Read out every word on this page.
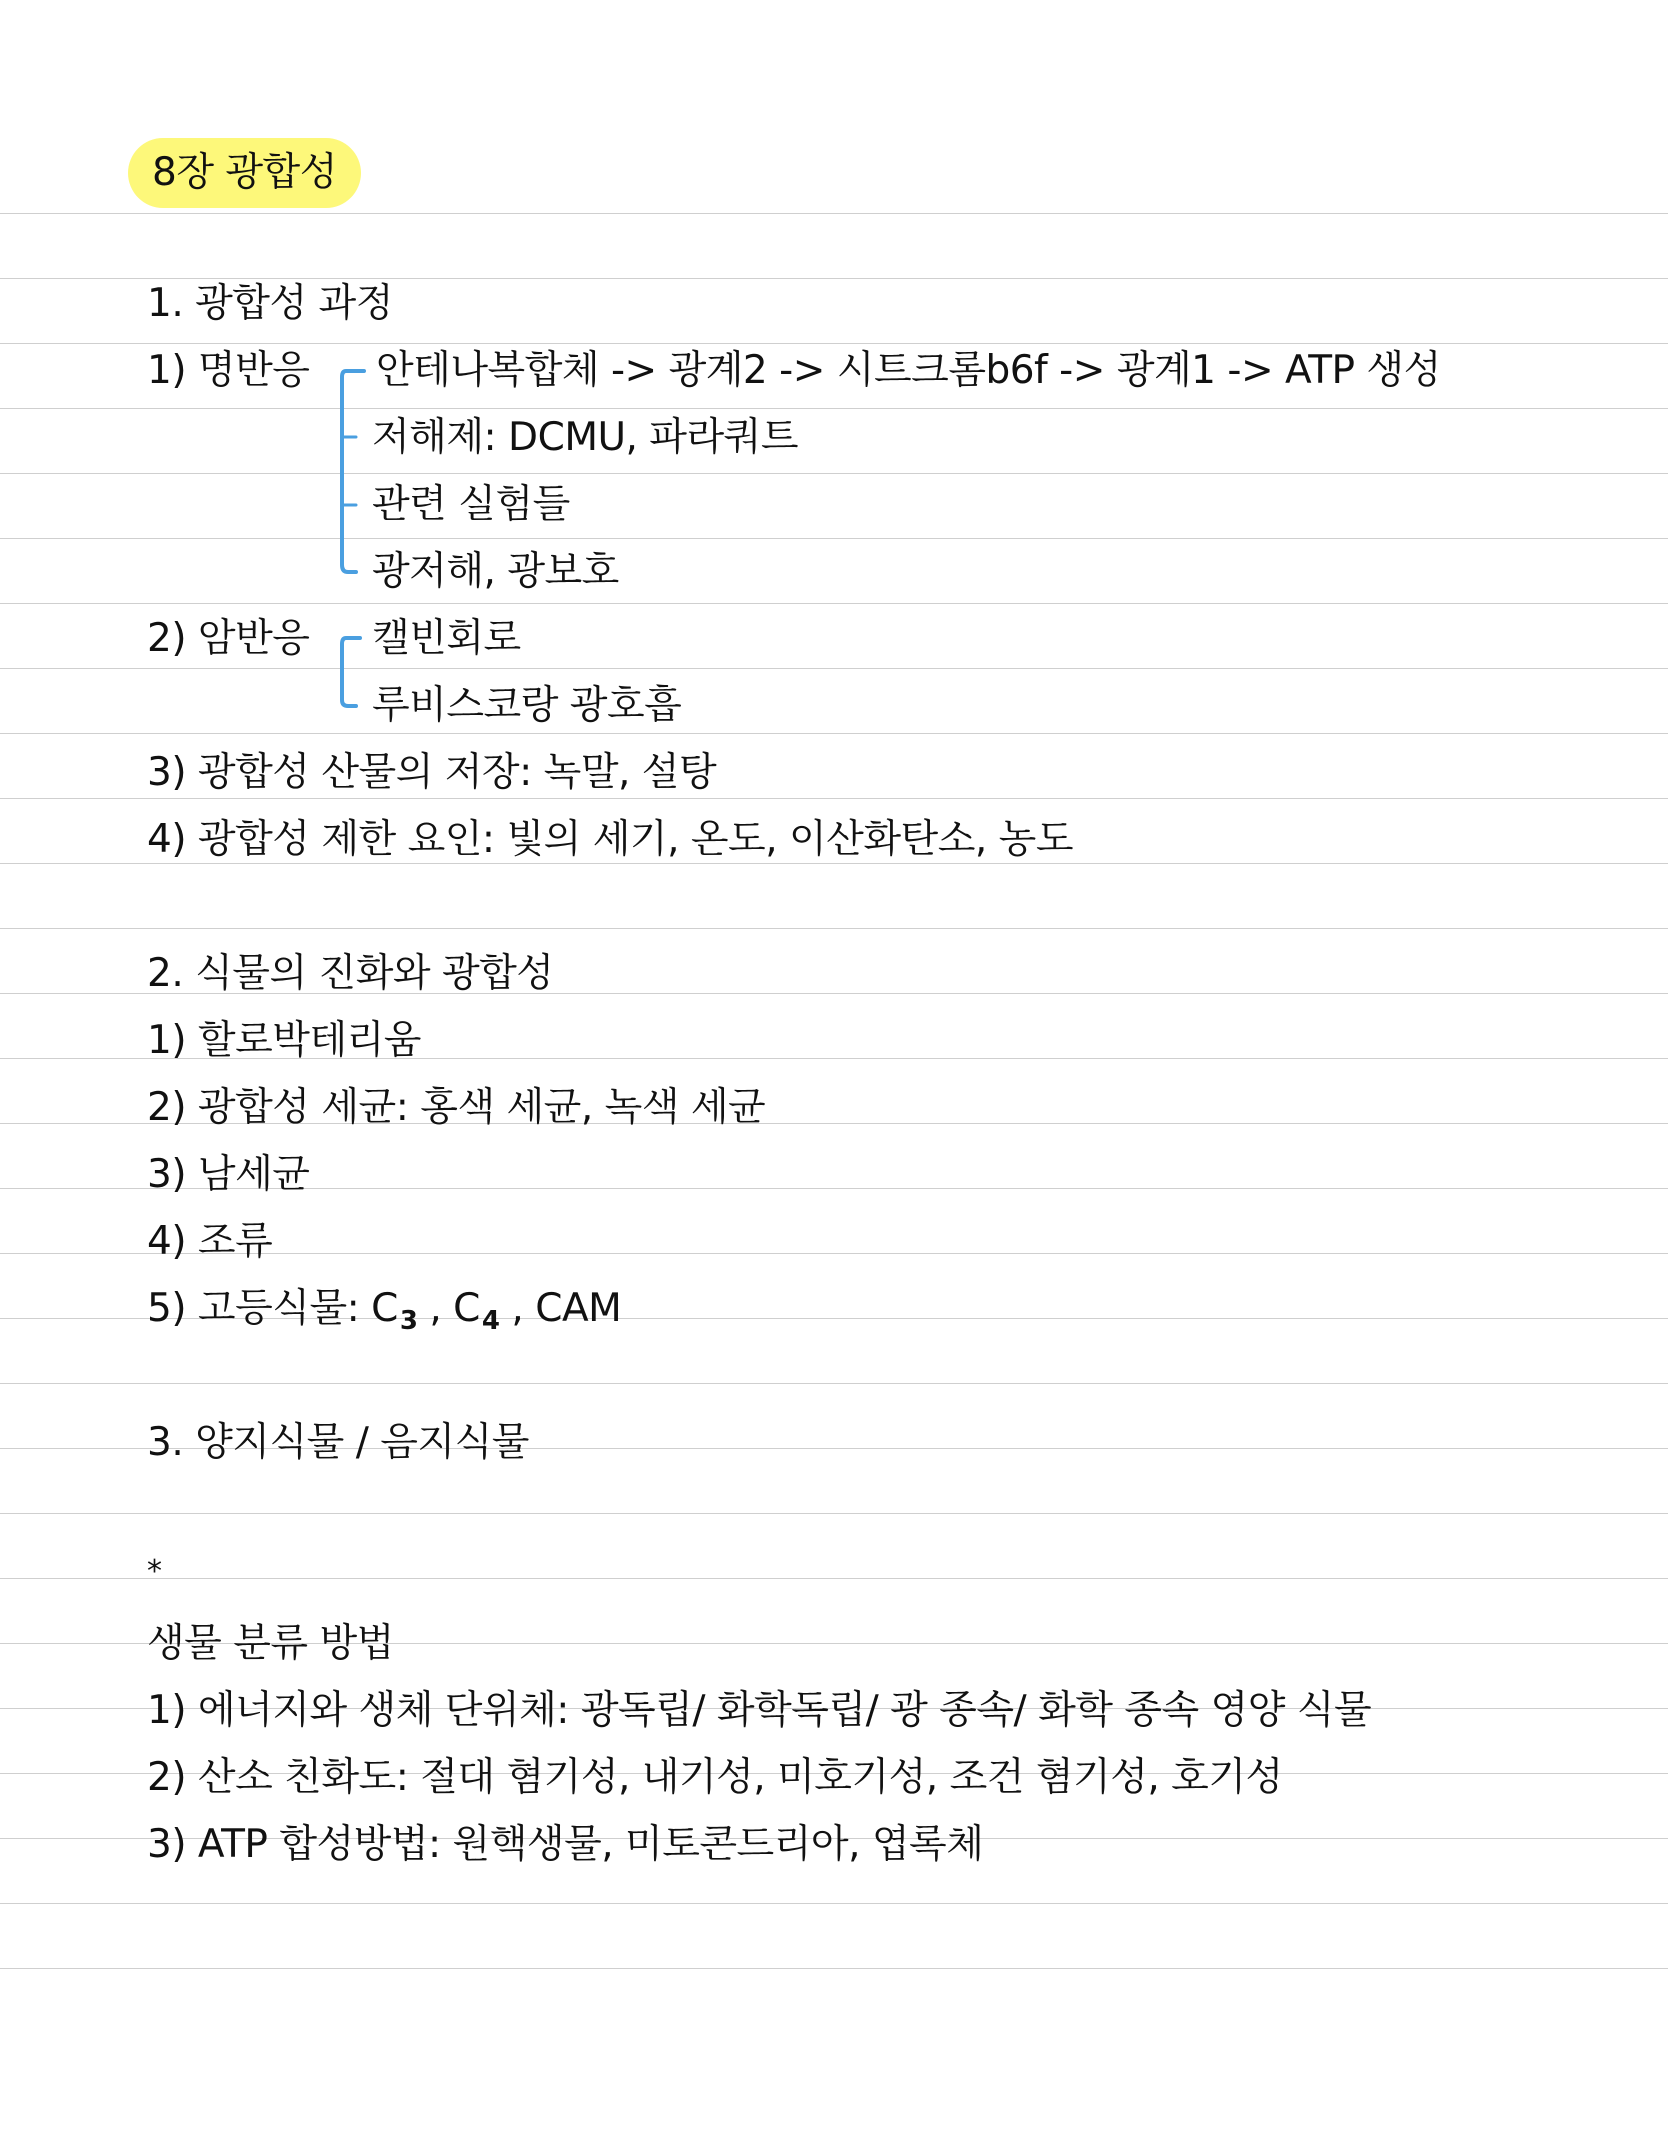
8장 광합성
1. 광합성 과정
1) 명반응 안테나복합체 -> 광계2 -> 시트크롬b6f -> 광계1 -> ATP 생성
저해제: DCMU, 파라쿼트
관련 실험들
광저해, 광보호
2) 암반응 캘빈회로
루비스코랑 광호흡
3) 광합성 산물의 저장: 녹말, 설탕
4) 광합성 제한 요인: 빛의 세기, 온도, 이산화탄소, 농도
2. 식물의 진화와 광합성
1) 할로박테리움
2) 광합성 세균: 홍색 세균, 녹색 세균
3) 남세균
4) 조류
5) 고등식물: $C_3$ , $C_4$ , CAM
3. 양지식물 / 음지식물
*
생물 분류 방법
1) 에너지와 생체 단위체: 광독립/ 화학독립/ 광 종속/ 화학 종속 영양 식물
2) 산소 친화도: 절대 혐기성, 내기성, 미호기성, 조건 혐기성, 호기성
3) ATP 합성방법: 원핵생물, 미토콘드리아, 엽록체
